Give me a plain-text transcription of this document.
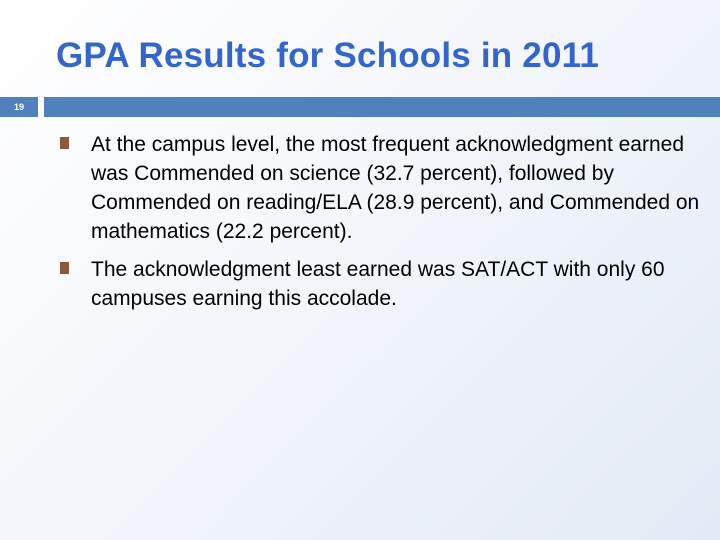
GPA Results for Schools in 2011
19
At the campus level, the most frequent acknowledgment earned was Commended on science (32.7 percent), followed by Commended on reading/ELA (28.9 percent), and Commended on mathematics (22.2 percent).
The acknowledgment least earned was SAT/ACT with only 60 campuses earning this accolade.
